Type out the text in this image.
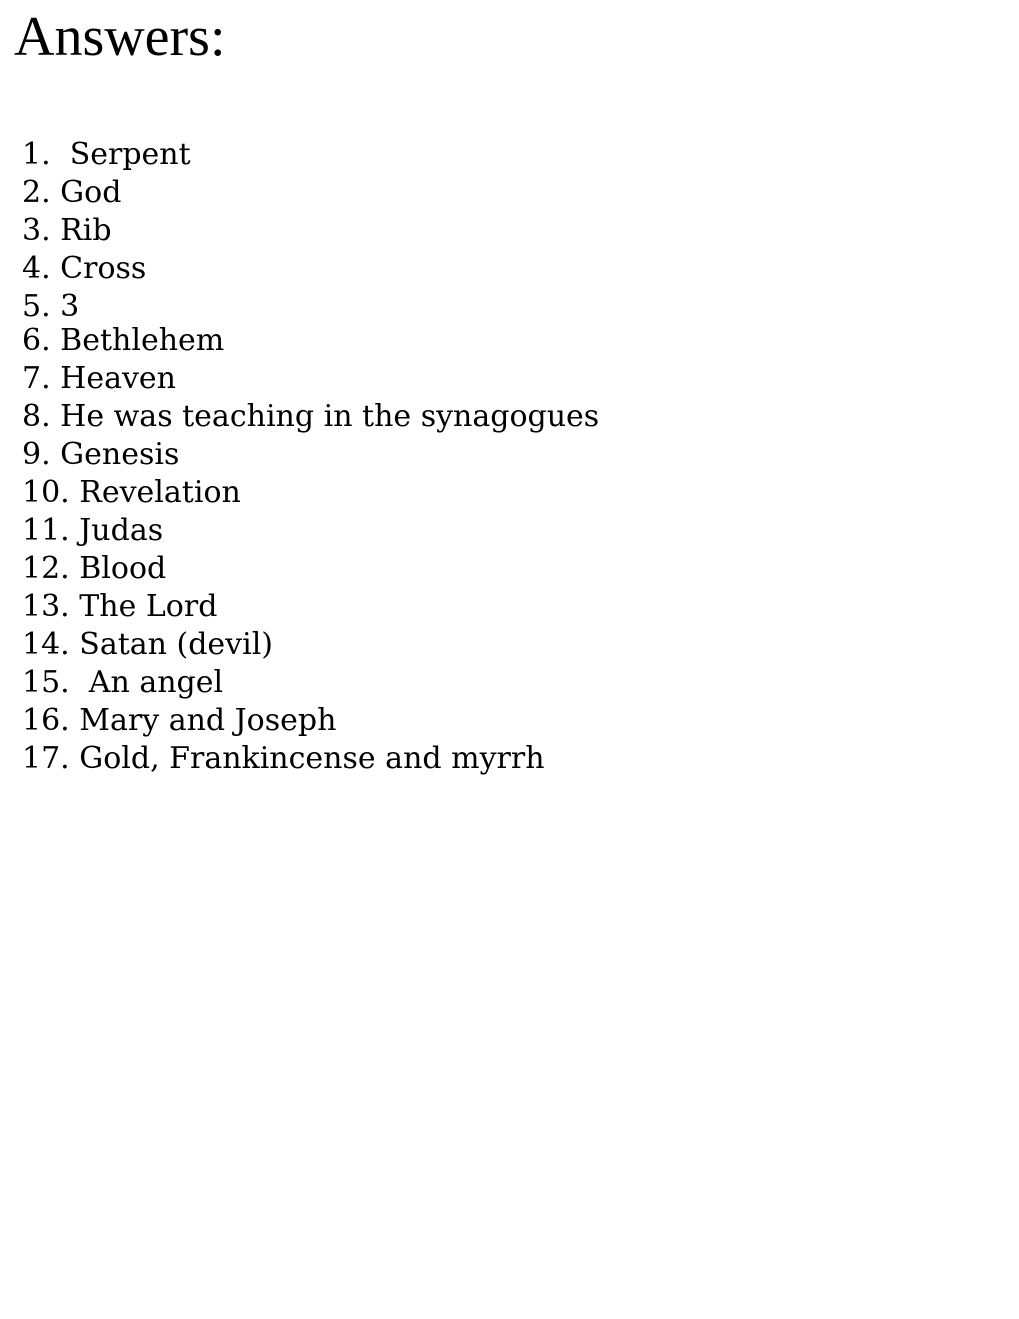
Answers:
1. Serpent
2. God
3. Rib
4. Cross
5. 3
6. Bethlehem
7. Heaven
8. He was teaching in the synagogues
9. Genesis
10. Revelation
11. Judas
12. Blood
13. The Lord
14. Satan (devil)
15. An angel
16. Mary and Joseph
17. Gold, Frankincense and myrrh
